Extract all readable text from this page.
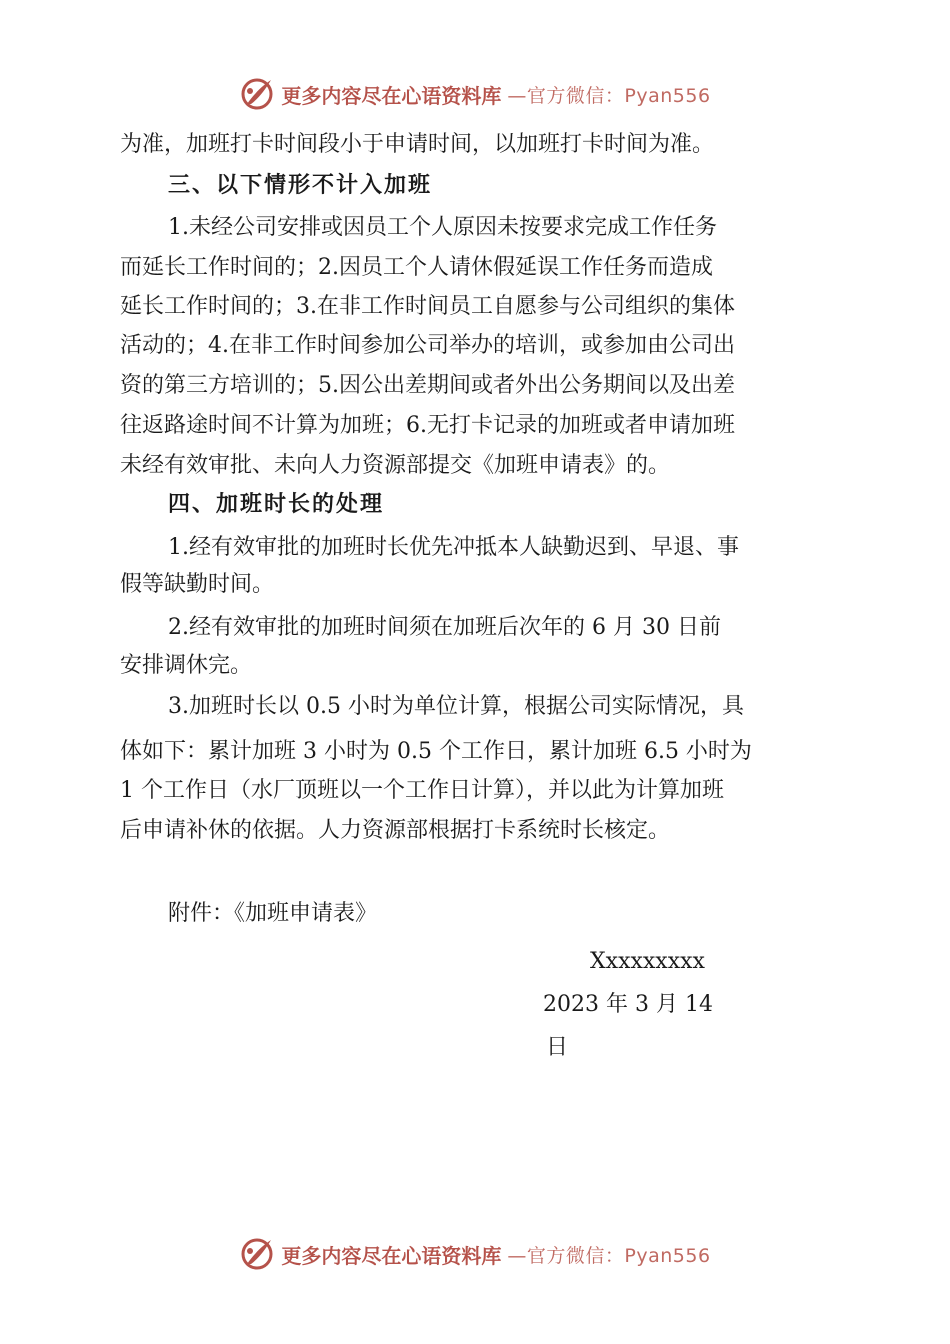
更多内容尽在心语资料库 —官方微信：Pyan556
为准，加班打卡时间段小于申请时间，以加班打卡时间为准。
三、以下情形不计入加班
1.未经公司安排或因员工个人原因未按要求完成工作任务
而延长工作时间的；2.因员工个人请休假延误工作任务而造成
延长工作时间的；3.在非工作时间员工自愿参与公司组织的集体
活动的；4.在非工作时间参加公司举办的培训，或参加由公司出
资的第三方培训的；5.因公出差期间或者外出公务期间以及出差
往返路途时间不计算为加班；6.无打卡记录的加班或者申请加班
未经有效审批、未向人力资源部提交《加班申请表》的。
四、加班时长的处理
1.经有效审批的加班时长优先冲抵本人缺勤迟到、早退、事
假等缺勤时间。
2.经有效审批的加班时间须在加班后次年的 6 月 30 日前
安排调休完。
3.加班时长以 0.5 小时为单位计算，根据公司实际情况，具
体如下：累计加班 3 小时为 0.5 个工作日，累计加班 6.5 小时为
1 个工作日（水厂顶班以一个工作日计算），并以此为计算加班
后申请补休的依据。人力资源部根据打卡系统时长核定。
附件：《加班申请表》
Xxxxxxxxx
2023 年 3 月 14
日
更多内容尽在心语资料库 —官方微信：Pyan556
